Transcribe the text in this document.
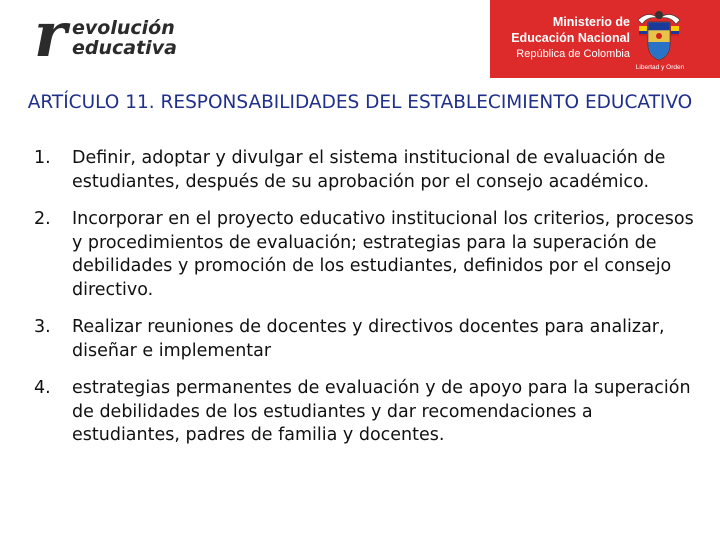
r evolución
educativa
Ministerio de
Educación Nacional
República de Colombia
Libertad y Orden
ARTÍCULO 11. RESPONSABILIDADES DEL ESTABLECIMIENTO EDUCATIVO
1. Definir, adoptar y divulgar el sistema institucional de evaluación de estudiantes, después de su aprobación por el consejo académico.
2. Incorporar en el proyecto educativo institucional los criterios, procesos y procedimientos de evaluación; estrategias para la superación de debilidades y promoción de los estudiantes, definidos por el consejo directivo.
3. Realizar reuniones de docentes y directivos docentes para analizar, diseñar e implementar
4. estrategias permanentes de evaluación y de apoyo para la superación de debilidades de los estudiantes y dar recomendaciones a estudiantes, padres de familia y docentes.
